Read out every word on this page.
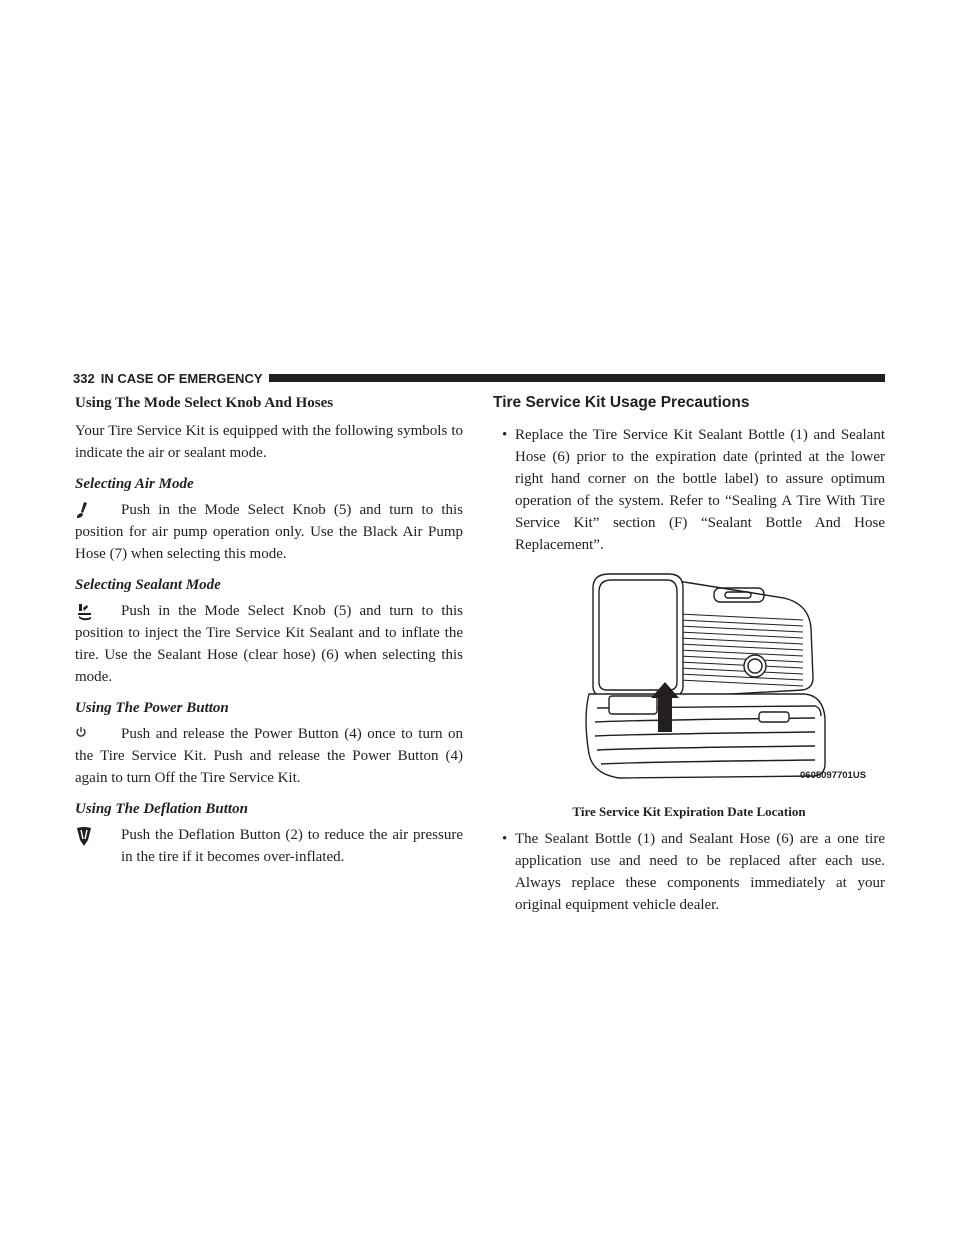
332 IN CASE OF EMERGENCY
Using The Mode Select Knob And Hoses

Your Tire Service Kit is equipped with the following symbols to indicate the air or sealant mode.

Selecting Air Mode

Push in the Mode Select Knob (5) and turn to this position for air pump operation only. Use the Black Air Pump Hose (7) when selecting this mode.

Selecting Sealant Mode

Push in the Mode Select Knob (5) and turn to this position to inject the Tire Service Kit Sealant and to inflate the tire. Use the Sealant Hose (clear hose) (6) when selecting this mode.

Using The Power Button

Push and release the Power Button (4) once to turn on the Tire Service Kit. Push and release the Power Button (4) again to turn Off the Tire Service Kit.

Using The Deflation Button

Push the Deflation Button (2) to reduce the air pressure in the tire if it becomes over-inflated.

Tire Service Kit Usage Precautions
• Replace the Tire Service Kit Sealant Bottle (1) and Sealant Hose (6) prior to the expiration date (printed at the lower right hand corner on the bottle label) to assure optimum operation of the system. Refer to “Sealing A Tire With Tire Service Kit” section (F) “Sealant Bottle And Hose Replacement”.

0605097701US
Tire Service Kit Expiration Date Location
• The Sealant Bottle (1) and Sealant Hose (6) are a one tire application use and need to be replaced after each use. Always replace these components immediately at your original equipment vehicle dealer.
